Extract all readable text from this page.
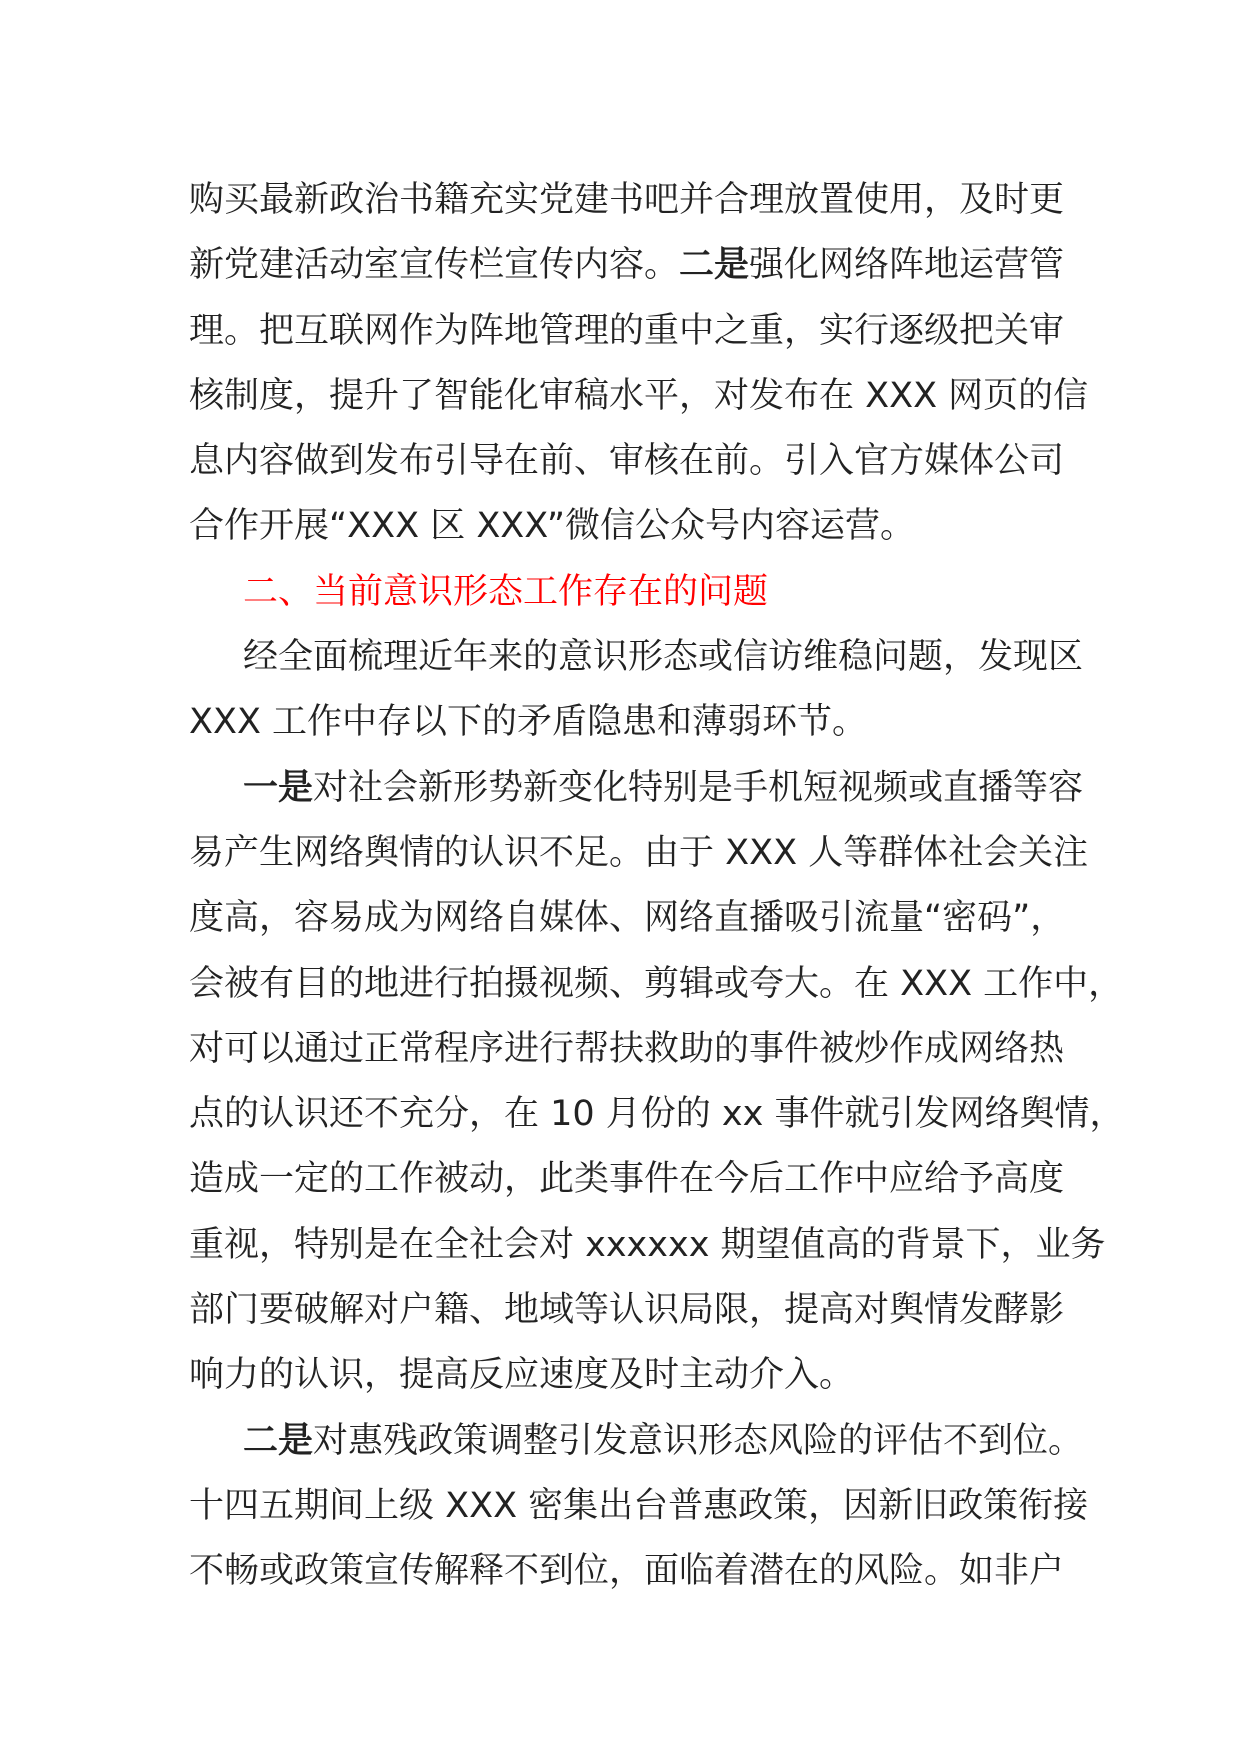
购买最新政治书籍充实党建书吧并合理放置使用，及时更
新党建活动室宣传栏宣传内容。二是强化网络阵地运营管
理。把互联网作为阵地管理的重中之重，实行逐级把关审
核制度，提升了智能化审稿水平，对发布在 XXX 网页的信
息内容做到发布引导在前、审核在前。引入官方媒体公司
合作开展“XXX 区 XXX”微信公众号内容运营。
二、当前意识形态工作存在的问题
经全面梳理近年来的意识形态或信访维稳问题，发现区
XXX 工作中存以下的矛盾隐患和薄弱环节。
一是对社会新形势新变化特别是手机短视频或直播等容
易产生网络舆情的认识不足。由于 XXX 人等群体社会关注
度高，容易成为网络自媒体、网络直播吸引流量“密码”，
会被有目的地进行拍摄视频、剪辑或夸大。在 XXX 工作中，
对可以通过正常程序进行帮扶救助的事件被炒作成网络热
点的认识还不充分，在 10 月份的 xx 事件就引发网络舆情，
造成一定的工作被动，此类事件在今后工作中应给予高度
重视，特别是在全社会对 xxxxxx 期望值高的背景下，业务
部门要破解对户籍、地域等认识局限，提高对舆情发酵影
响力的认识，提高反应速度及时主动介入。
二是对惠残政策调整引发意识形态风险的评估不到位。
十四五期间上级 XXX 密集出台普惠政策，因新旧政策衔接
不畅或政策宣传解释不到位，面临着潜在的风险。如非户
